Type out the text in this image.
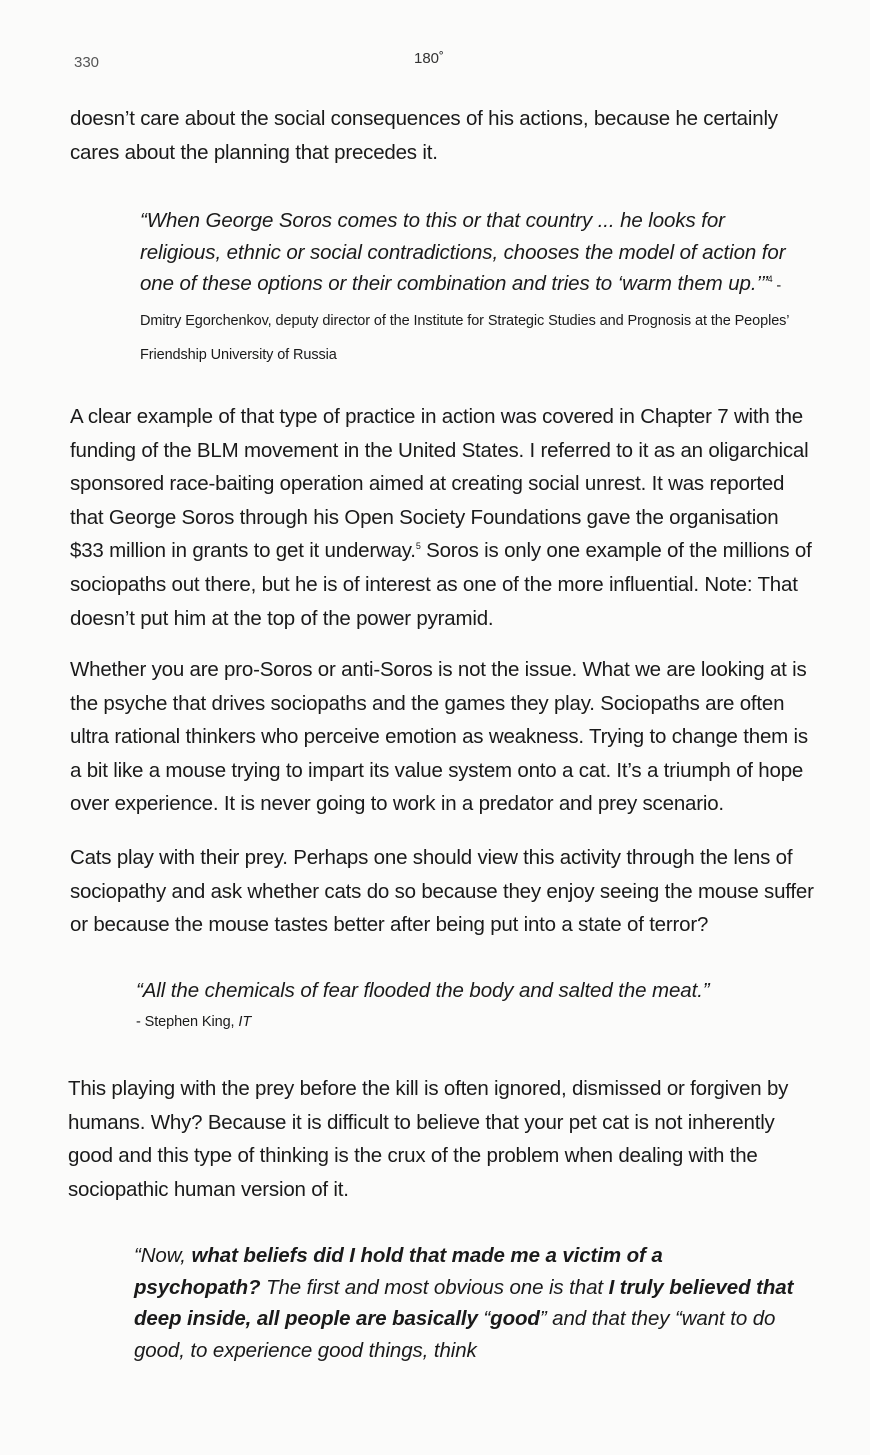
330	180˚

doesn’t care about the social consequences of his actions, because he certainly cares about the planning that precedes it.

“When George Soros comes to this or that country ... he looks for religious, ethnic or social contradictions, chooses the model of action for one of these options or their combination and tries to ‘warm them up.’”$^4$ - Dmitry Egorchenkov, deputy director of the Institute for Strategic Studies and Prognosis at the Peoples’ Friendship University of Russia

A clear example of that type of practice in action was covered in Chapter 7 with the funding of the BLM movement in the United States. I referred to it as an oligarchical sponsored race-baiting operation aimed at creating social unrest. It was reported that George Soros through his Open Society Foundations gave the organisation $33 million in grants to get it underway.$^5$ Soros is only one example of the millions of sociopaths out there, but he is of interest as one of the more influential. Note: That doesn’t put him at the top of the power pyramid.

Whether you are pro-Soros or anti-Soros is not the issue. What we are looking at is the psyche that drives sociopaths and the games they play. Sociopaths are often ultra rational thinkers who perceive emotion as weakness. Trying to change them is a bit like a mouse trying to impart its value system onto a cat. It’s a triumph of hope over experience. It is never going to work in a predator and prey scenario.

Cats play with their prey. Perhaps one should view this activity through the lens of sociopathy and ask whether cats do so because they enjoy seeing the mouse suffer or because the mouse tastes better after being put into a state of terror?

“All the chemicals of fear flooded the body and salted the meat.”
- Stephen King, IT

This playing with the prey before the kill is often ignored, dismissed or forgiven by humans. Why? Because it is difficult to believe that your pet cat is not inherently good and this type of thinking is the crux of the problem when dealing with the sociopathic human version of it.

“Now, what beliefs did I hold that made me a victim of a psychopath? The first and most obvious one is that I truly believed that deep inside, all people are basically “good” and that they “want to do good, to experience good things, think
